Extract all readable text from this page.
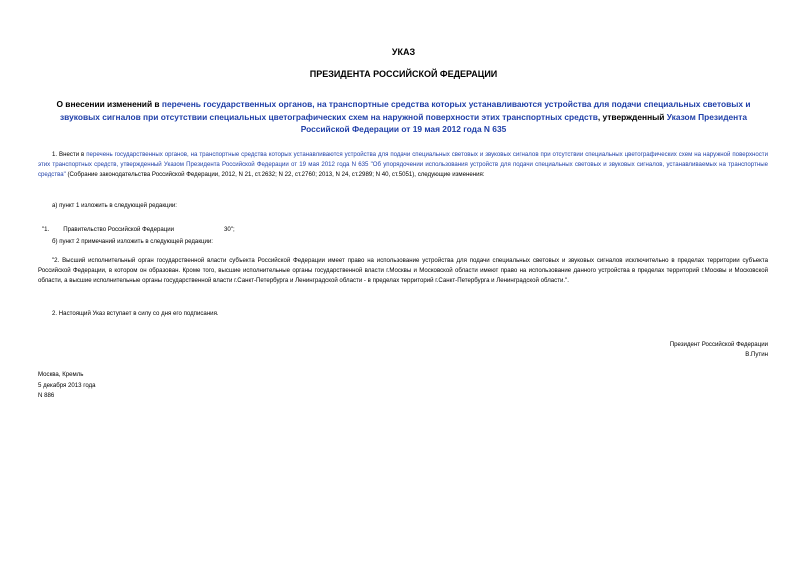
УКАЗ
ПРЕЗИДЕНТА РОССИЙСКОЙ ФЕДЕРАЦИИ
О внесении изменений в перечень государственных органов, на транспортные средства которых устанавливаются устройства для подачи специальных световых и звуковых сигналов при отсутствии специальных цветографических схем на наружной поверхности этих транспортных средств, утвержденный Указом Президента Российской Федерации от 19 мая 2012 года N 635
1. Внести в перечень государственных органов, на транспортные средства которых устанавливаются устройства для подачи специальных световых и звуковых сигналов при отсутствии специальных цветографических схем на наружной поверхности этих транспортных средств, утвержденный Указом Президента Российской Федерации от 19 мая 2012 года N 635 "Об упорядочении использования устройств для подачи специальных световых и звуковых сигналов, устанавливаемых на транспортные средства" (Собрание законодательства Российской Федерации, 2012, N 21, ст.2632; N 22, ст.2760; 2013, N 24, ст.2989; N 40, ст.5051), следующие изменения:
а) пункт 1 изложить в следующей редакции:
"1. Правительство Российской Федерации	30";
б) пункт 2 примечаний изложить в следующей редакции:
"2. Высший исполнительный орган государственной власти субъекта Российской Федерации имеет право на использование устройства для подачи специальных световых и звуковых сигналов исключительно в пределах территории субъекта Российской Федерации, в котором он образован. Кроме того, высшие исполнительные органы государственной власти г.Москвы и Московской области имеют право на использование данного устройства в пределах территорий г.Москвы и Московской области, а высшие исполнительные органы государственной власти г.Санкт-Петербурга и Ленинградской области - в пределах территорий г.Санкт-Петербурга и Ленинградской области.".
2. Настоящий Указ вступает в силу со дня его подписания.
Президент Российской Федерации
В.Путин
Москва, Кремль
5 декабря 2013 года
N 886
